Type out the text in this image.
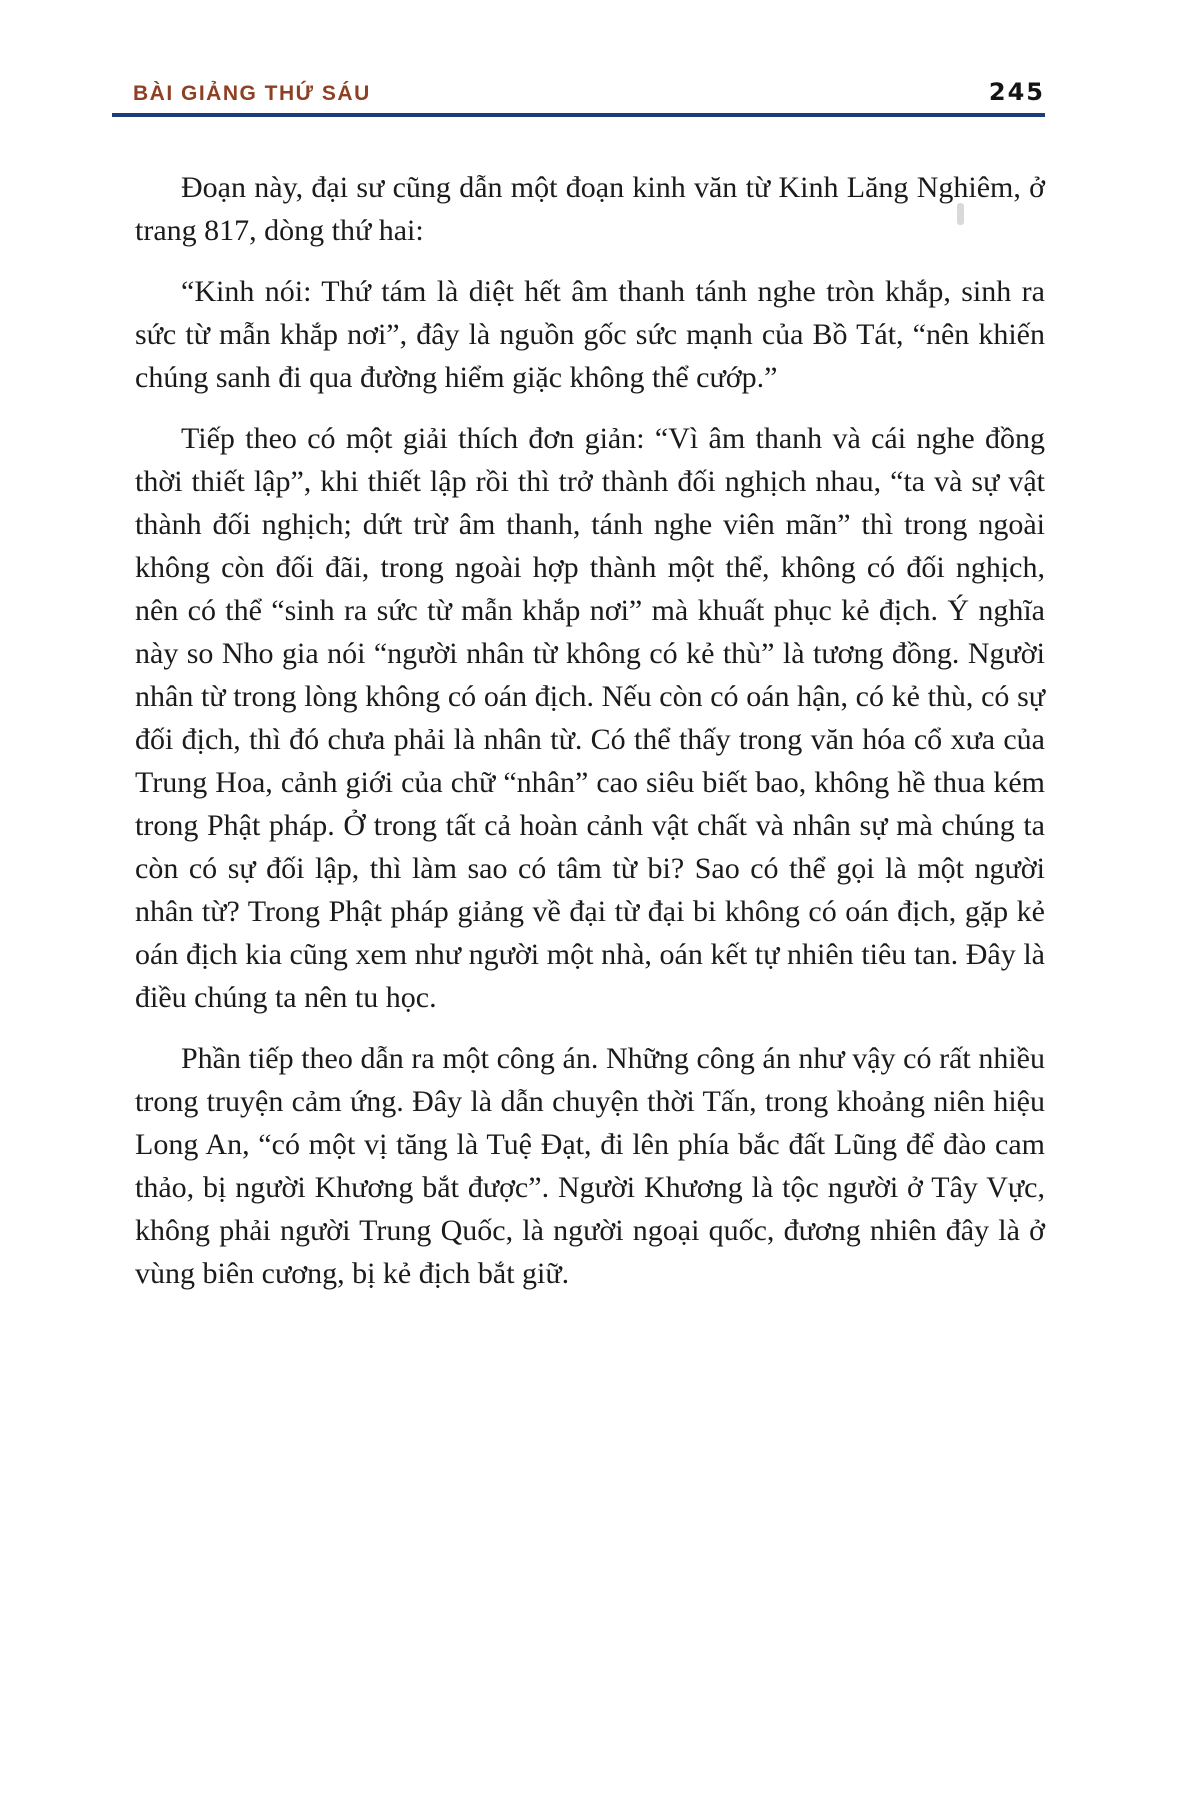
BÀI GIẢNG THỨ SÁU	245

Đoạn này, đại sư cũng dẫn một đoạn kinh văn từ Kinh Lăng Nghiêm, ở trang 817, dòng thứ hai:

“Kinh nói: Thứ tám là diệt hết âm thanh tánh nghe tròn khắp, sinh ra sức từ mẫn khắp nơi”, đây là nguồn gốc sức mạnh của Bồ Tát, “nên khiến chúng sanh đi qua đường hiểm giặc không thể cướp.”

Tiếp theo có một giải thích đơn giản: “Vì âm thanh và cái nghe đồng thời thiết lập”, khi thiết lập rồi thì trở thành đối nghịch nhau, “ta và sự vật thành đối nghịch; dứt trừ âm thanh, tánh nghe viên mãn” thì trong ngoài không còn đối đãi, trong ngoài hợp thành một thể, không có đối nghịch, nên có thể “sinh ra sức từ mẫn khắp nơi” mà khuất phục kẻ địch. Ý nghĩa này so Nho gia nói “người nhân từ không có kẻ thù” là tương đồng. Người nhân từ trong lòng không có oán địch. Nếu còn có oán hận, có kẻ thù, có sự đối địch, thì đó chưa phải là nhân từ. Có thể thấy trong văn hóa cổ xưa của Trung Hoa, cảnh giới của chữ “nhân” cao siêu biết bao, không hề thua kém trong Phật pháp. Ở trong tất cả hoàn cảnh vật chất và nhân sự mà chúng ta còn có sự đối lập, thì làm sao có tâm từ bi? Sao có thể gọi là một người nhân từ? Trong Phật pháp giảng về đại từ đại bi không có oán địch, gặp kẻ oán địch kia cũng xem như người một nhà, oán kết tự nhiên tiêu tan. Đây là điều chúng ta nên tu học.

Phần tiếp theo dẫn ra một công án. Những công án như vậy có rất nhiều trong truyện cảm ứng. Đây là dẫn chuyện thời Tấn, trong khoảng niên hiệu Long An, “có một vị tăng là Tuệ Đạt, đi lên phía bắc đất Lũng để đào cam thảo, bị người Khương bắt được”. Người Khương là tộc người ở Tây Vực, không phải người Trung Quốc, là người ngoại quốc, đương nhiên đây là ở vùng biên cương, bị kẻ địch bắt giữ.
